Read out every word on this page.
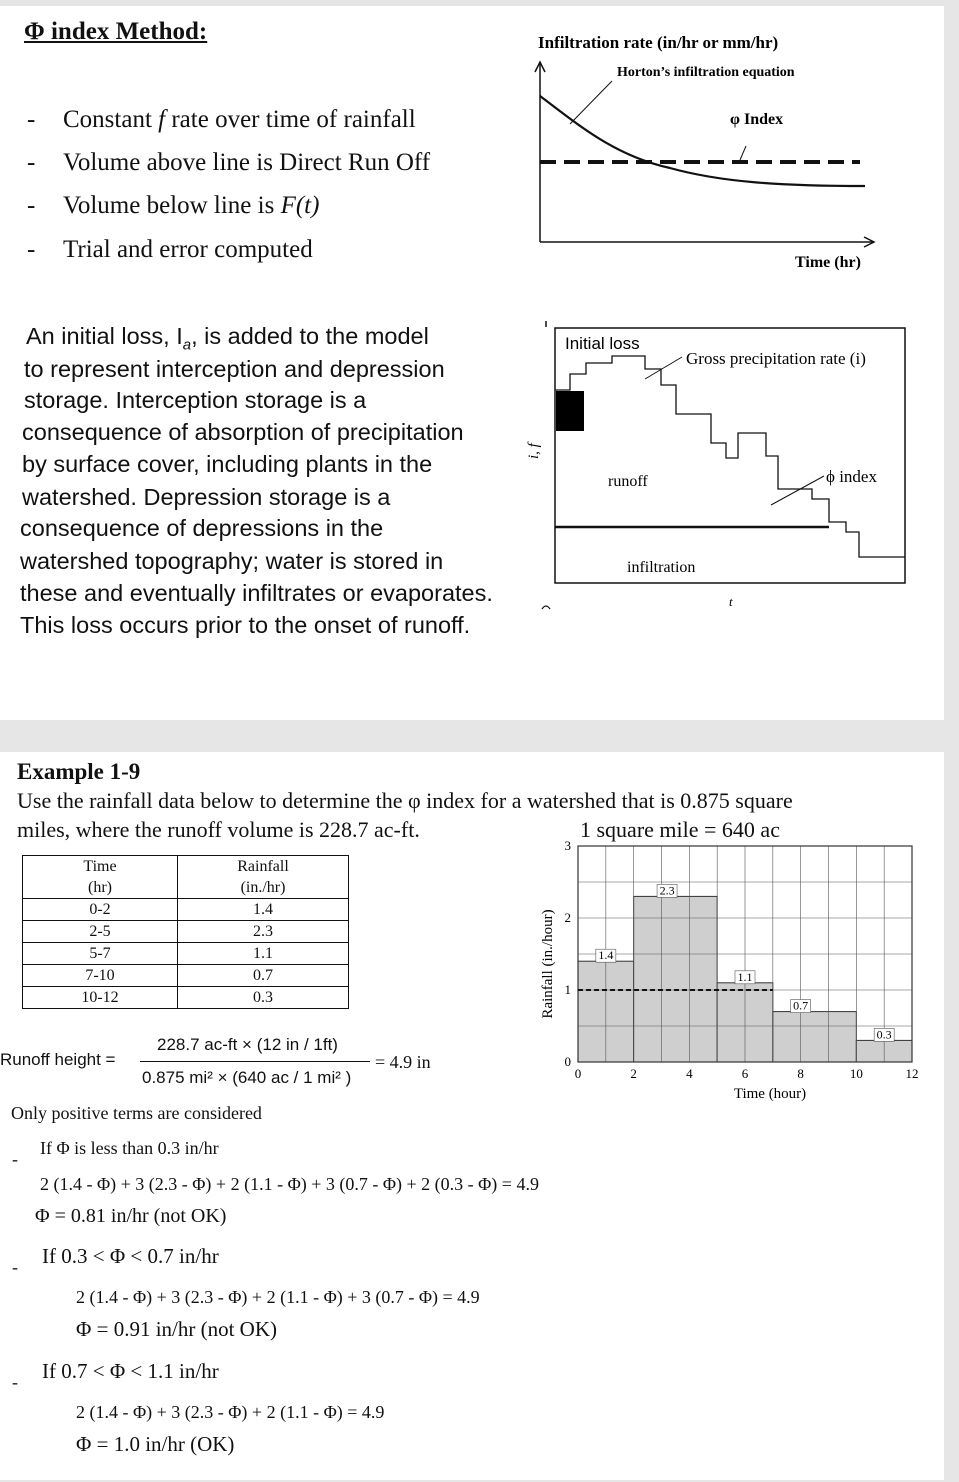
Φ index Method:
- Constant f rate over time of rainfall
- Volume above line is Direct Run Off
- Volume below line is F(t)
- Trial and error computed
An initial loss, $I_a$, is added to the model
to represent interception and depression
storage. Interception storage is a
consequence of absorption of precipitation
by surface cover, including plants in the
watershed. Depression storage is a
consequence of depressions in the
watershed topography; water is stored in
these and eventually infiltrates or evaporates.
This loss occurs prior to the onset of runoff.
Infiltration rate (in/hr or mm/hr)
Horton’s infiltration equation
φ Index
Time (hr)
i, f
Initial loss
Gross precipitation rate (i)
runoff	ϕ index
infiltration
t
Example 1-9
Use the rainfall data below to determine the φ index for a watershed that is 0.875 square
miles, where the runoff volume is 228.7 ac-ft.	1 square mile = 640 ac
Time
(hr)	Rainfall
(in./hr)
0-2	1.4
2-5	2.3
5-7	1.1
7-10	0.7
10-12	0.3
Runoff height =
228.7 ac-ft × (12 in / 1ft)
0.875 mi² × (640 ac / 1 mi² )
= 4.9 in
Only positive terms are considered
-
If Φ is less than 0.3 in/hr
2 (1.4 - Φ) + 3 (2.3 - Φ) + 2 (1.1 - Φ) + 3 (0.7 - Φ) + 2 (0.3 - Φ) = 4.9
Φ = 0.81 in/hr (not OK)
- If 0.3 < Φ < 0.7 in/hr
2 (1.4 - Φ) + 3 (2.3 - Φ) + 2 (1.1 - Φ) + 3 (0.7 - Φ) = 4.9
Φ = 0.91 in/hr (not OK)
- If 0.7 < Φ < 1.1 in/hr
2 (1.4 - Φ) + 3 (2.3 - Φ) + 2 (1.1 - Φ) = 4.9
Φ = 1.0 in/hr (OK)
1.4
2.3
1.1
0.7
0.3
0	2	4	6	8	10	12
0
1
2
3
Time (hour)
Rainfall (in./hour)
